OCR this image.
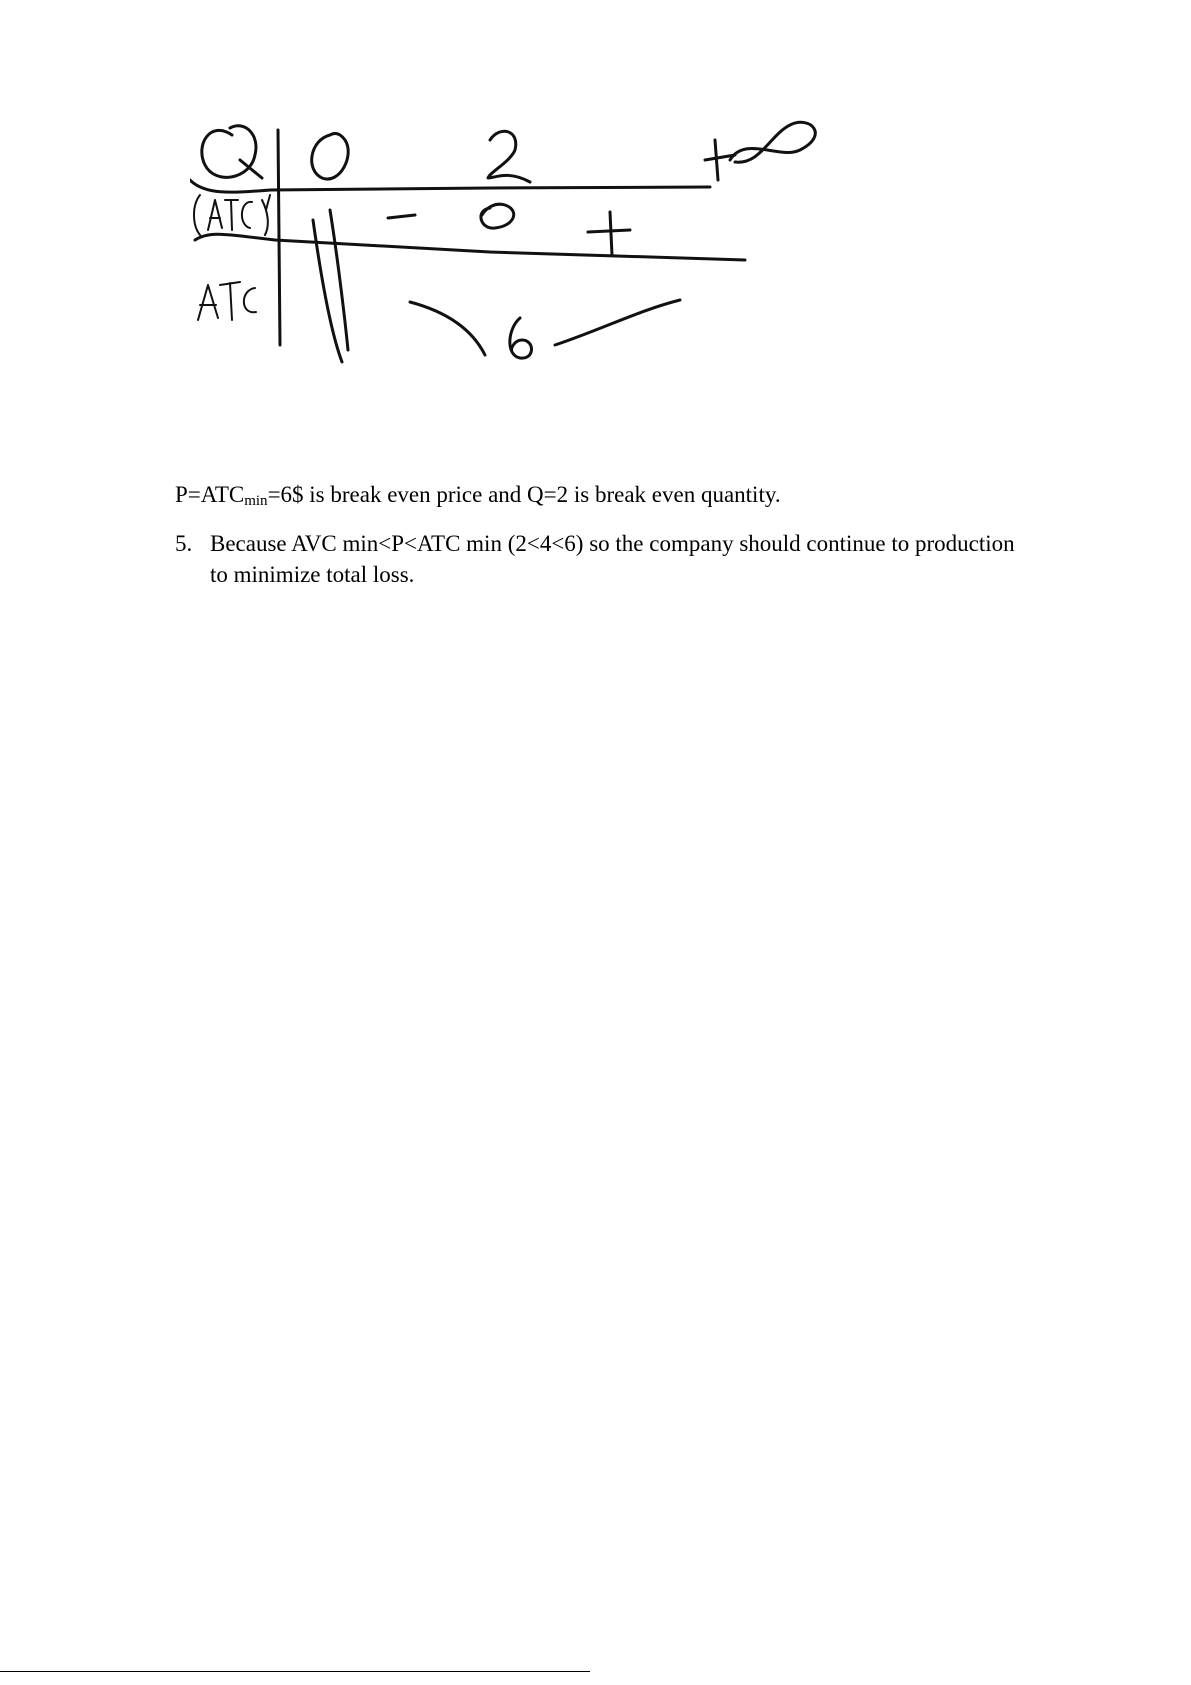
$P=ATC_{min}=6\$$ is break even price and Q=2 is break even quantity.
5. Because AVC min<P<ATC min (2<4<6) so the company should continue to production to minimize total loss.
